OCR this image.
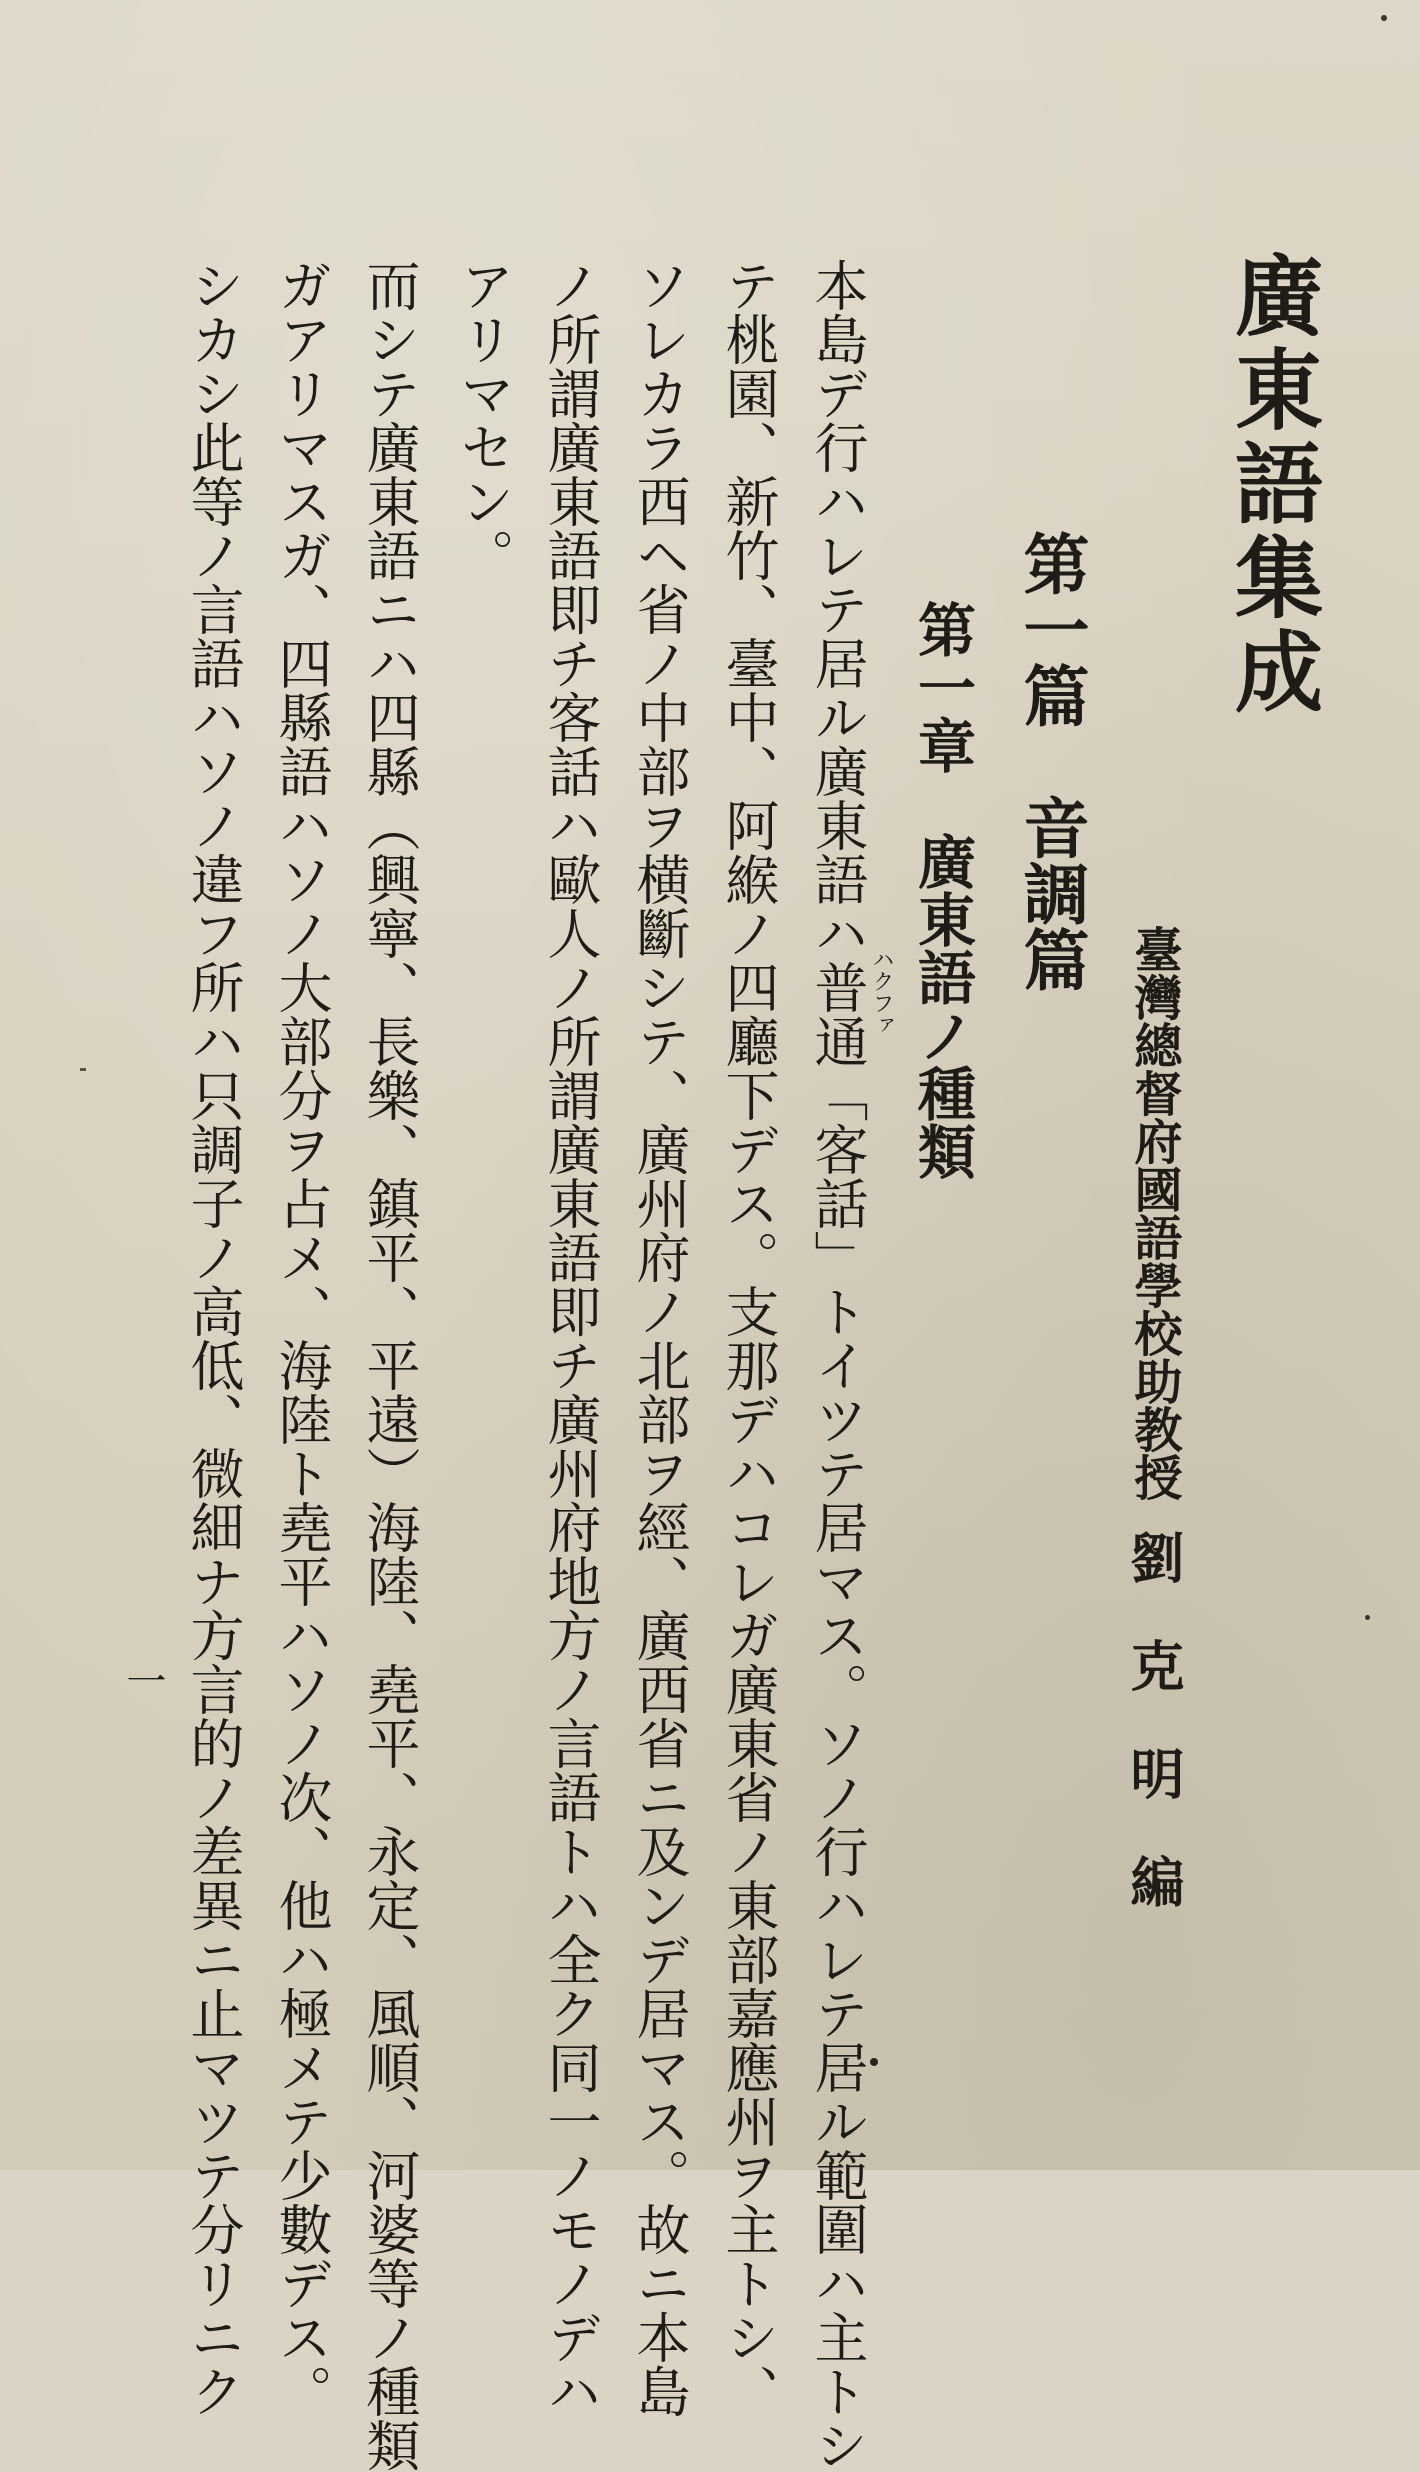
廣東語集成
第一篇　音調篇
第一章　廣東語ノ種類
臺灣總督府國語學校助教授
劉　克　明　編
ハクファ
本島デ行ハレテ居ル廣東語ハ普通「客話」トイツテ居マス。ソノ行ハレテ居ル範圍ハ主トシ
テ桃園、新竹、臺中、阿緱ノ四廳下デス。支那デハコレガ廣東省ノ東部嘉應州ヲ主トシ、
ソレカラ西ヘ省ノ中部ヲ横斷シテ、廣州府ノ北部ヲ經、廣西省ニ及ンデ居マス。故ニ本島
ノ所謂廣東語即チ客話ハ歐人ノ所謂廣東語即チ廣州府地方ノ言語トハ全ク同一ノモノデハ
アリマセン。
而シテ廣東語ニハ四縣（興寧、長樂、鎮平、平遠）海陸、堯平、永定、風順、河婆等ノ種類
ガアリマスガ、四縣語ハソノ大部分ヲ占メ、海陸ト堯平ハソノ次、他ハ極メテ少數デス。
シカシ此等ノ言語ハソノ違フ所ハ只調子ノ高低、微細ナ方言的ノ差異ニ止マツテ分リニク
一
